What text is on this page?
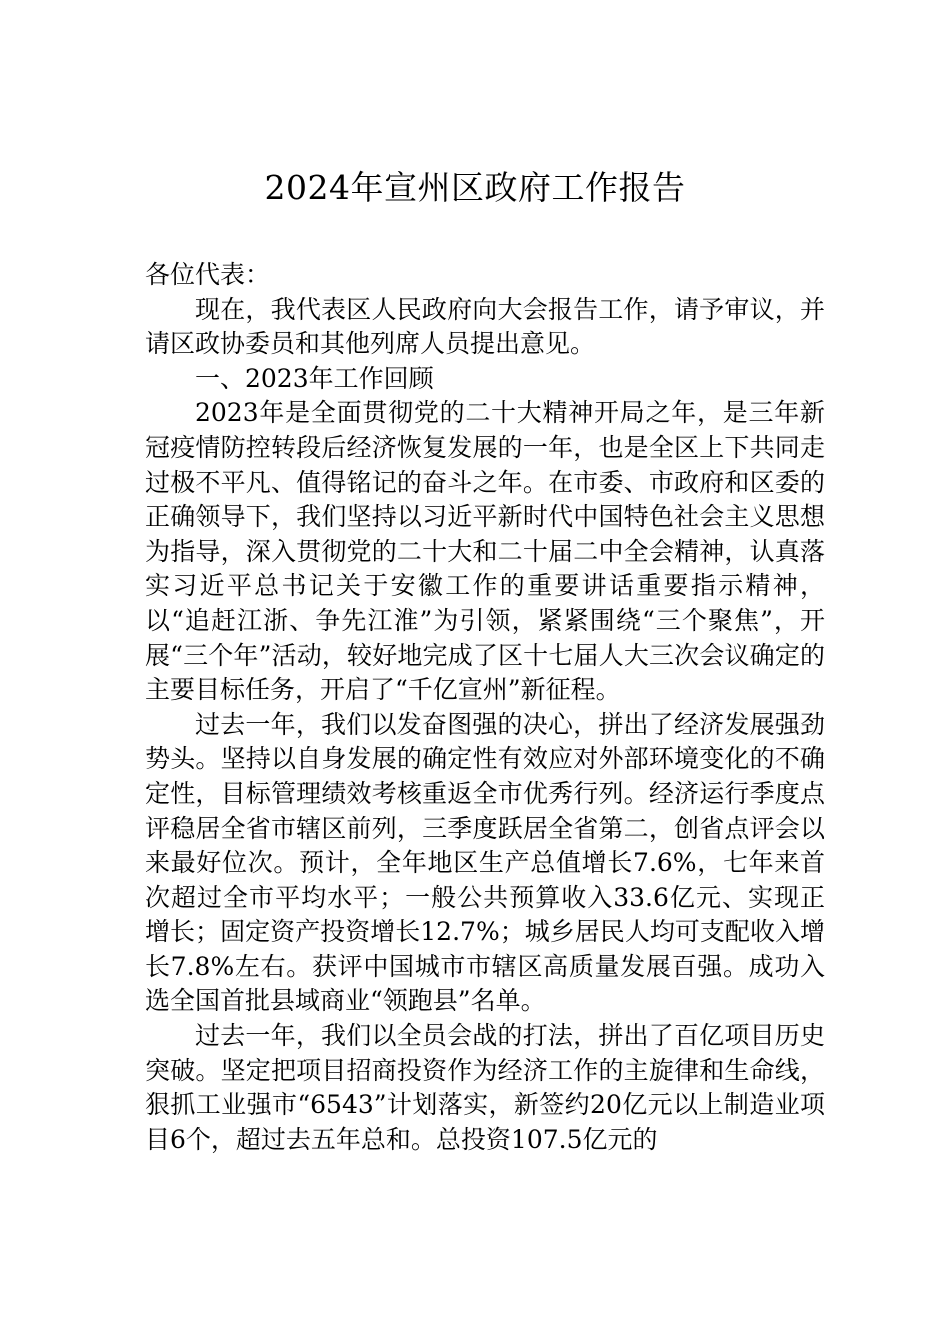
2024年宣州区政府工作报告

各位代表：

现在，我代表区人民政府向大会报告工作，请予审议，并请区政协委员和其他列席人员提出意见。

一、2023年工作回顾

2023年是全面贯彻党的二十大精神开局之年，是三年新冠疫情防控转段后经济恢复发展的一年，也是全区上下共同走过极不平凡、值得铭记的奋斗之年。在市委、市政府和区委的正确领导下，我们坚持以习近平新时代中国特色社会主义思想为指导，深入贯彻党的二十大和二十届二中全会精神，认真落实习近平总书记关于安徽工作的重要讲话重要指示精神，以“追赶江浙、争先江淮”为引领，紧紧围绕“三个聚焦”，开展“三个年”活动，较好地完成了区十七届人大三次会议确定的主要目标任务，开启了“千亿宣州”新征程。

过去一年，我们以发奋图强的决心，拼出了经济发展强劲势头。坚持以自身发展的确定性有效应对外部环境变化的不确定性，目标管理绩效考核重返全市优秀行列。经济运行季度点评稳居全省市辖区前列，三季度跃居全省第二，创省点评会以来最好位次。预计，全年地区生产总值增长7.6%，七年来首次超过全市平均水平；一般公共预算收入33.6亿元、实现正增长；固定资产投资增长12.7%；城乡居民人均可支配收入增长7.8%左右。获评中国城市市辖区高质量发展百强。成功入选全国首批县域商业“领跑县”名单。

过去一年，我们以全员会战的打法，拼出了百亿项目历史突破。坚定把项目招商投资作为经济工作的主旋律和生命线，狠抓工业强市“6543”计划落实，新签约20亿元以上制造业项目6个，超过去五年总和。总投资107.5亿元的
